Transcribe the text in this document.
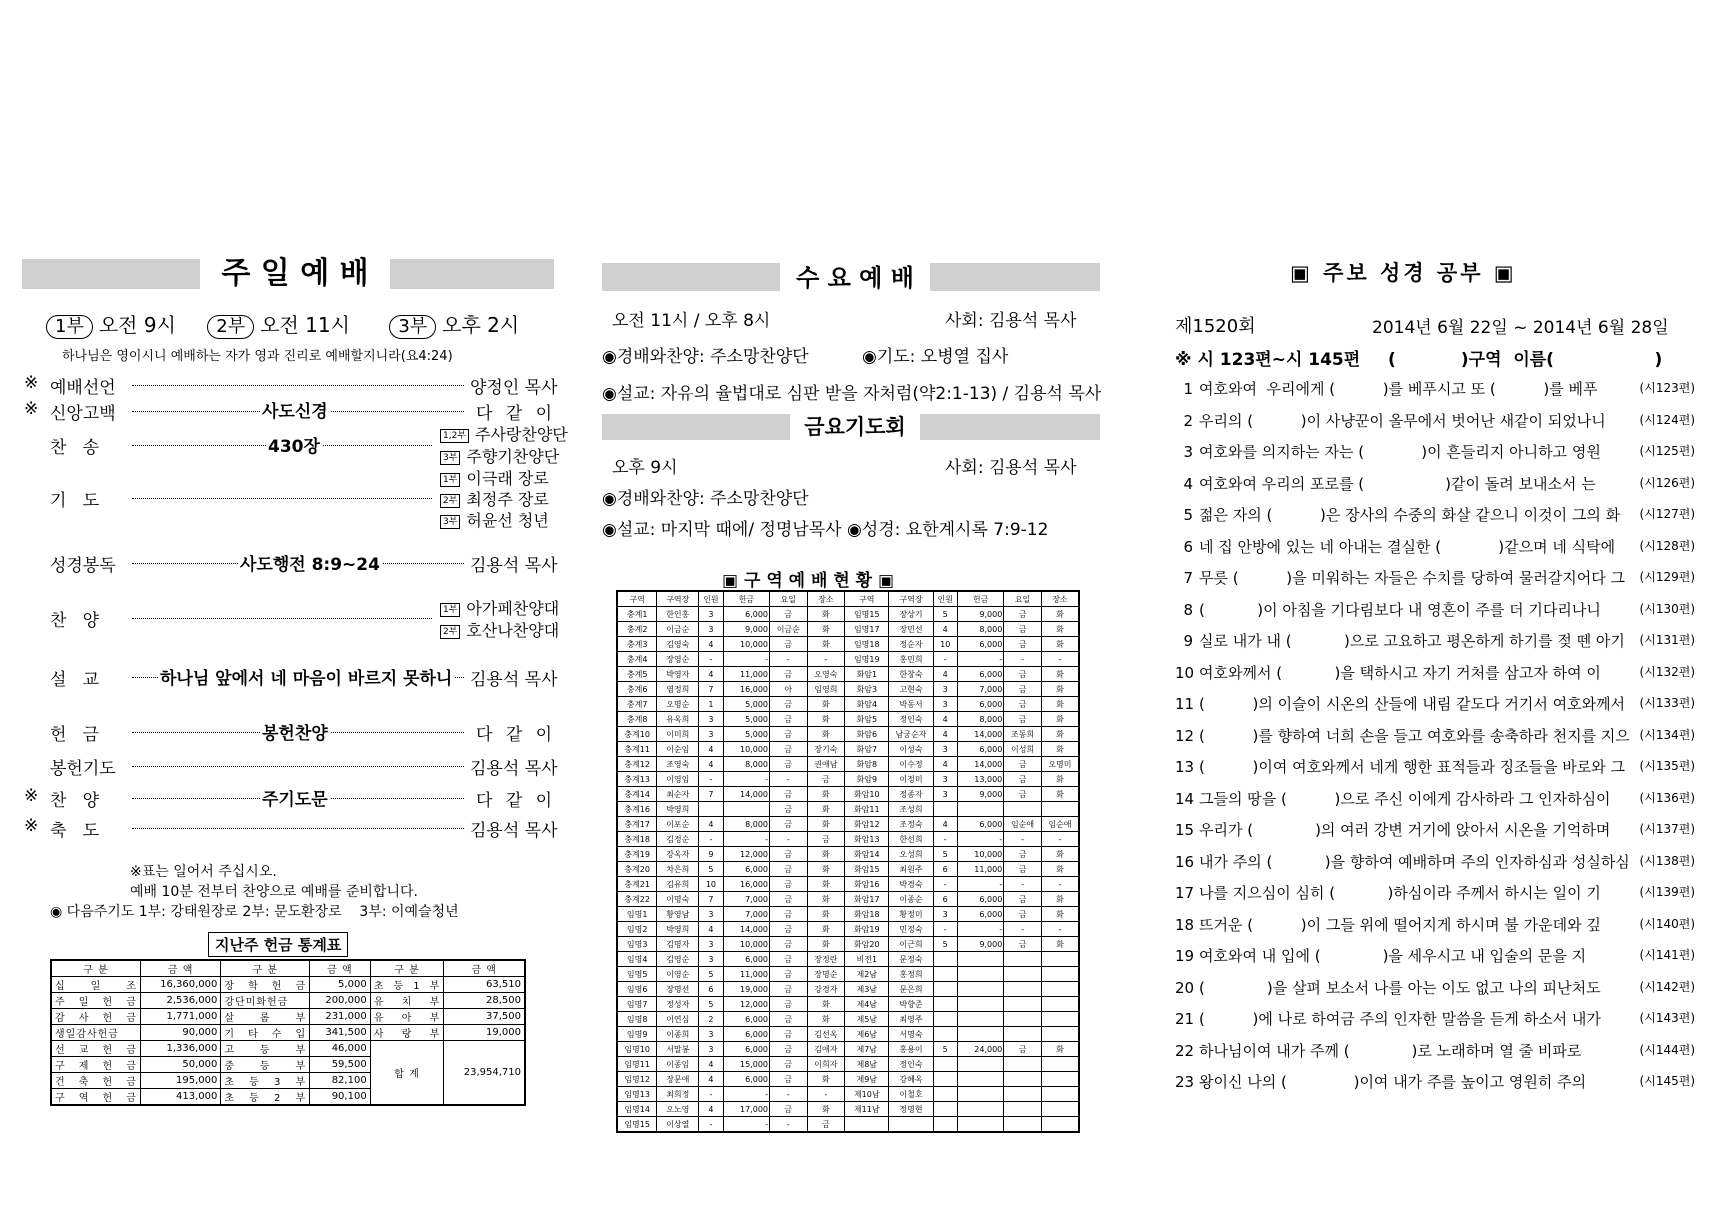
주 일 예 배
1부 오전 9시 2부 오전 11시	3부 오후 2시
하나님은 영이시니 예배하는 자가 영과 진리로 예배할지니라(요4:24)
※ 예배선언	양정인 목사
※ 신앙고백	사도신경	다 같 이
찬   송	430장
1,2부 주사랑찬양단
3부 주향기찬양단
1부 이극래 장로
기   도	2부 최정주 장로
3부 허윤선 청년
성경봉독	사도행전 8:9~24	김용석 목사
찬   양
1부 아가페찬양대
2부 호산나찬양대
설   교	하나님 앞에서 네 마음이 바르지 못하니 김용석 목사
헌   금	봉헌찬양	다 같 이
봉헌기도	김용석 목사
※ 찬   양	주기도문	다 같 이
※ 축   도	김용석 목사
※표는 일어서 주십시오.
예배 10분 전부터 찬양으로 예배를 준비합니다.
◉ 다음주기도 1부: 강태원장로 2부: 문도환장로    3부: 이예슬청년
지난주 헌금 통계표
구 분	금 액	구 분	금 액	구 분	금 액
십 일 조	16,360,000	장 학 헌 금	5,000	초 등 1 부	63,510
주 일 헌 금	2,536,000	강단미화헌금	200,000	유 치 부	28,500
감 사 헌 금	1,771,000	살 롬 부	231,000	유 아 부	37,500
생일감사헌금	90,000	기 타 수 입	341,500	사 랑 부	19,000
선 교 헌 금	1,336,000	고 등 부	46,000	합 계	23,954,710
구 제 헌 금	50,000	중 등 부	59,500		
건 축 헌 금	195,000	초 등 3 부	82,100		
구 역 헌 금	413,000	초 등 2 부	90,100		
수 요 예 배
오전 11시 / 오후 8시	사회: 김용석 목사
◉경배와찬양: 주소망찬양단	◉기도: 오병열 집사
◉설교: 자유의 율법대로 심판 받을 자처럼(약2:1-13) / 김용석 목사
금요기도회
오후 9시	사회: 김용석 목사
◉경배와찬양: 주소망찬양단
◉설교: 마지막 때에/ 정명남목사 ◉성경: 요한계시록 7:9-12
▣ 구 역 예 배 현 황 ▣
구역	구역장	인원	헌금	요일	장소	구역	구역장	인원	헌금	요일	장소
충계1	한인홍	3	6,000	금	화	임명15	장상기	5	9,000	금	화
충계2	이금순	3	9,000	이금순	화	임명17	장민선	4	8,000	금	화
충계3	김영숙	4	10,000	금	화	임명18	정순자	10	6,000	금	화
충계4	장영순	-	-	-	-	임명19	홍민희	-	-	-	-
충계5	박영자	4	11,000	금	오영숙	화암1	한창숙	4	6,000	금	화
충계6	염정희	7	16,000	아	임영희	화암3	고현숙	3	7,000	금	화
충계7	오명순	1	5,000	금	화	화암4	박동서	3	6,000	금	화
충계8	유옥희	3	5,000	금	화	화암5	정인숙	4	8,000	금	화
충계10	이미희	3	5,000	금	화	화암6	남궁순자	4	14,000	조동희	화
충계11	이순임	4	10,000	금	장기숙	화암7	이성숙	3	6,000	이성희	화
충계12	조영숙	4	8,000	금	권애남	화암8	이수정	4	14,000	금	오명미
충계13	이영임	-	-	-	금	화암9	이정미	3	13,000	금	화
충계14	최순자	7	14,000	금	화	화암10	정종자	3	9,000	금	화
충계16	박영희			금	화	화암11	조성희				
충계17	이포순	4	8,000	금	화	화암12	조정숙	4	6,000	임순애	임순애
충계18	김정순	-	-	-	금	화암13	한선희	-	-	-	-
충계19	강옥자	9	12,000	금	화	화암14	오성희	5	10,000	금	화
충계20	차은희	5	6,000	금	화	화암15	최원주	6	11,000	금	화
충계21	김유희	10	16,000	금	화	화암16	박경숙	-	-	-	-
충계22	이명숙	7	7,000	금	화	화암17	이종순	6	6,000	금	화
임명1	황영남	3	7,000	금	화	화암18	황정미	3	6,000	금	화
임명2	박영희	4	14,000	금	화	화암19	민정숙	-	-	-	-
임명3	김명자	3	10,000	금	화	화암20	이근희	5	9,000	금	화
임명4	김영순	3	6,000	금	장정란	비전1	문정숙				
임명5	이영순	5	11,000	금	장명순	제2남	홍정희				
임명6	장명선	6	19,000	금	강경자	제3남	문은희				
임명7	정성자	5	12,000	금	화	제4남	박향준				
임명8	이연심	2	6,000	금	화	제5남	최영주				
임명9	이종희	3	6,000	금	김선옥	제6남	서명숙				
임명10	서말봉	3	6,000	금	김애자	제7남	홍용이	5	24,000	금	화
임명11	이종임	4	15,000	금	이희자	제8남	정인숙				
임명12	장문애	4	6,000	금	화	제9남	강혜옥				
임명13	최희정	-	-	-	-	제10남	이철호				
임명14	오노영	4	17,000	금	화	제11남	정명현				
임명15	이상열	-	-	-	금						
▣ 주보 성경 공부 ▣
제1520회	2014년 6월 22일 ~ 2014년 6월 28일
※ 시 123편~시 145편 (           )구역  이름(                 )
1 여호와여  우리에게 (          )를 베푸시고 또 (          )를 베푸	(시123편)
2 우리의 (          )이 사냥꾼이 올무에서 벗어난 새같이 되었나니	(시124편)
3 여호와를 의지하는 자는 (            )이 흔들리지 아니하고 영원	(시125편)
4 여호와여 우리의 포로를 (                 )같이 돌려 보내소서 는	(시126편)
5 젊은 자의 (          )은 장사의 수중의 화살 같으니 이것이 그의 화 (시127편)
6 네 집 안방에 있는 네 아내는 결실한 (            )같으며 네 식탁에 (시128편)
7 무릇 (          )을 미워하는 자들은 수치를 당하여 물러갈지어다 그 (시129편)
8 (           )이 아침을 기다림보다 내 영혼이 주를 더 기다리나니	(시130편)
9 실로 내가 내 (           )으로 고요하고 평온하게 하기를 젖 뗀 아기 (시131편)
10 여호와께서 (           )을 택하시고 자기 거처를 삼고자 하여 이	(시132편)
11 (          )의 이슬이 시온의 산들에 내림 같도다 거기서 여호와께서 (시133편)
12 (          )를 향하여 너희 손을 들고 여호와를 송축하라 천지를 지으 (시134편)
13 (          )이여 여호와께서 네게 행한 표적들과 징조들을 바로와 그 (시135편)
14 그들의 땅을 (          )으로 주신 이에게 감사하라 그 인자하심이 (시136편)
15 우리가 (             )의 여러 강변 거기에 앉아서 시온을 기억하며 (시137편)
16 내가 주의 (           )을 향하여 예배하며 주의 인자하심과 성실하심 (시138편)
17 나를 지으심이 심히 (           )하심이라 주께서 하시는 일이 기	(시139편)
18 뜨거운 (          )이 그들 위에 떨어지게 하시며 불 가운데와 깊	(시140편)
19 여호와여 내 입에 (             )을 세우시고 내 입술의 문을 지	(시141편)
20 (             )을 살펴 보소서 나를 아는 이도 없고 나의 피난처도	(시142편)
21 (          )에 나로 하여금 주의 인자한 말씀을 듣게 하소서 내가	(시143편)
22 하나님이여 내가 주께 (             )로 노래하며 열 줄 비파로	(시144편)
23 왕이신 나의 (              )이여 내가 주를 높이고 영원히 주의	(시145편)
